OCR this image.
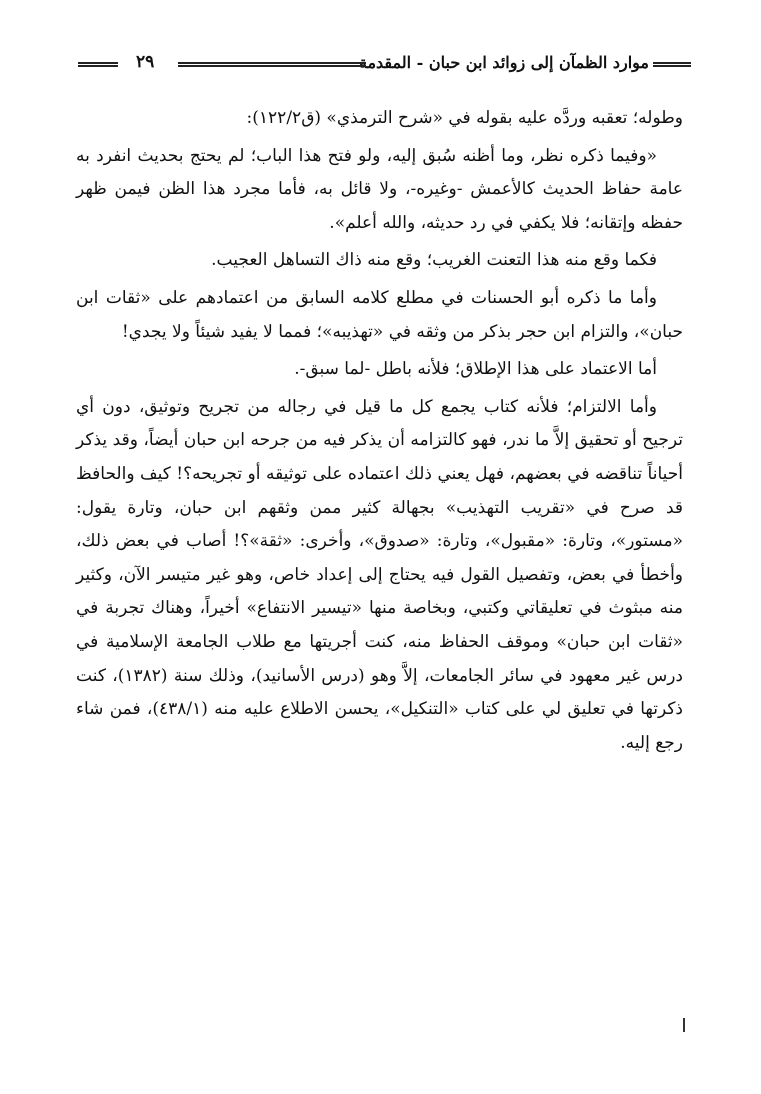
موارد الظمآن إلى زوائد ابن حبان - المقدمة
٢٩

وطوله؛ تعقبه وردَّه عليه بقوله في «شرح الترمذي» (ق١٢٢/٢):

«وفيما ذكره نظر، وما أظنه سُبق إليه، ولو فتح هذا الباب؛ لم يحتج بحديث انفرد به عامة حفاظ الحديث كالأعمش -وغيره-، ولا قائل به، فأما مجرد هذا الظن فيمن ظهر حفظه وإتقانه؛ فلا يكفي في رد حديثه، والله أعلم».

فكما وقع منه هذا التعنت الغريب؛ وقع منه ذاك التساهل العجيب.

وأما ما ذكره أبو الحسنات في مطلع كلامه السابق من اعتمادهم على «ثقات ابن حبان»، والتزام ابن حجر بذكر من وثقه في «تهذيبه»؛ فمما لا يفيد شيئاً ولا يجدي!

أما الاعتماد على هذا الإطلاق؛ فلأنه باطل -لما سبق-.

وأما الالتزام؛ فلأنه كتاب يجمع كل ما قيل في رجاله من تجريح وتوثيق، دون أي ترجيح أو تحقيق إلاَّ ما ندر، فهو كالتزامه أن يذكر فيه من جرحه ابن حبان أيضاً، وقد يذكر أحياناً تناقضه في بعضهم، فهل يعني ذلك اعتماده على توثيقه أو تجريحه؟! كيف والحافظ قد صرح في «تقريب التهذيب» بجهالة كثير ممن وثقهم ابن حبان، وتارة يقول: «مستور»، وتارة: «مقبول»، وتارة: «صدوق»، وأخرى: «ثقة»؟! أصاب في بعض ذلك، وأخطأ في بعض، وتفصيل القول فيه يحتاج إلى إعداد خاص، وهو غير متيسر الآن، وكثير منه مبثوث في تعليقاتي وكتبي، وبخاصة منها «تيسير الانتفاع» أخيراً، وهناك تجربة في «ثقات ابن حبان» وموقف الحفاظ منه، كنت أجريتها مع طلاب الجامعة الإسلامية في درس غير معهود في سائر الجامعات، إلاَّ وهو (درس الأسانيد)، وذلك سنة (١٣٨٢)، كنت ذكرتها في تعليق لي على كتاب «التنكيل»، يحسن الاطلاع عليه منه (٤٣٨/١)، فمن شاء رجع إليه.
